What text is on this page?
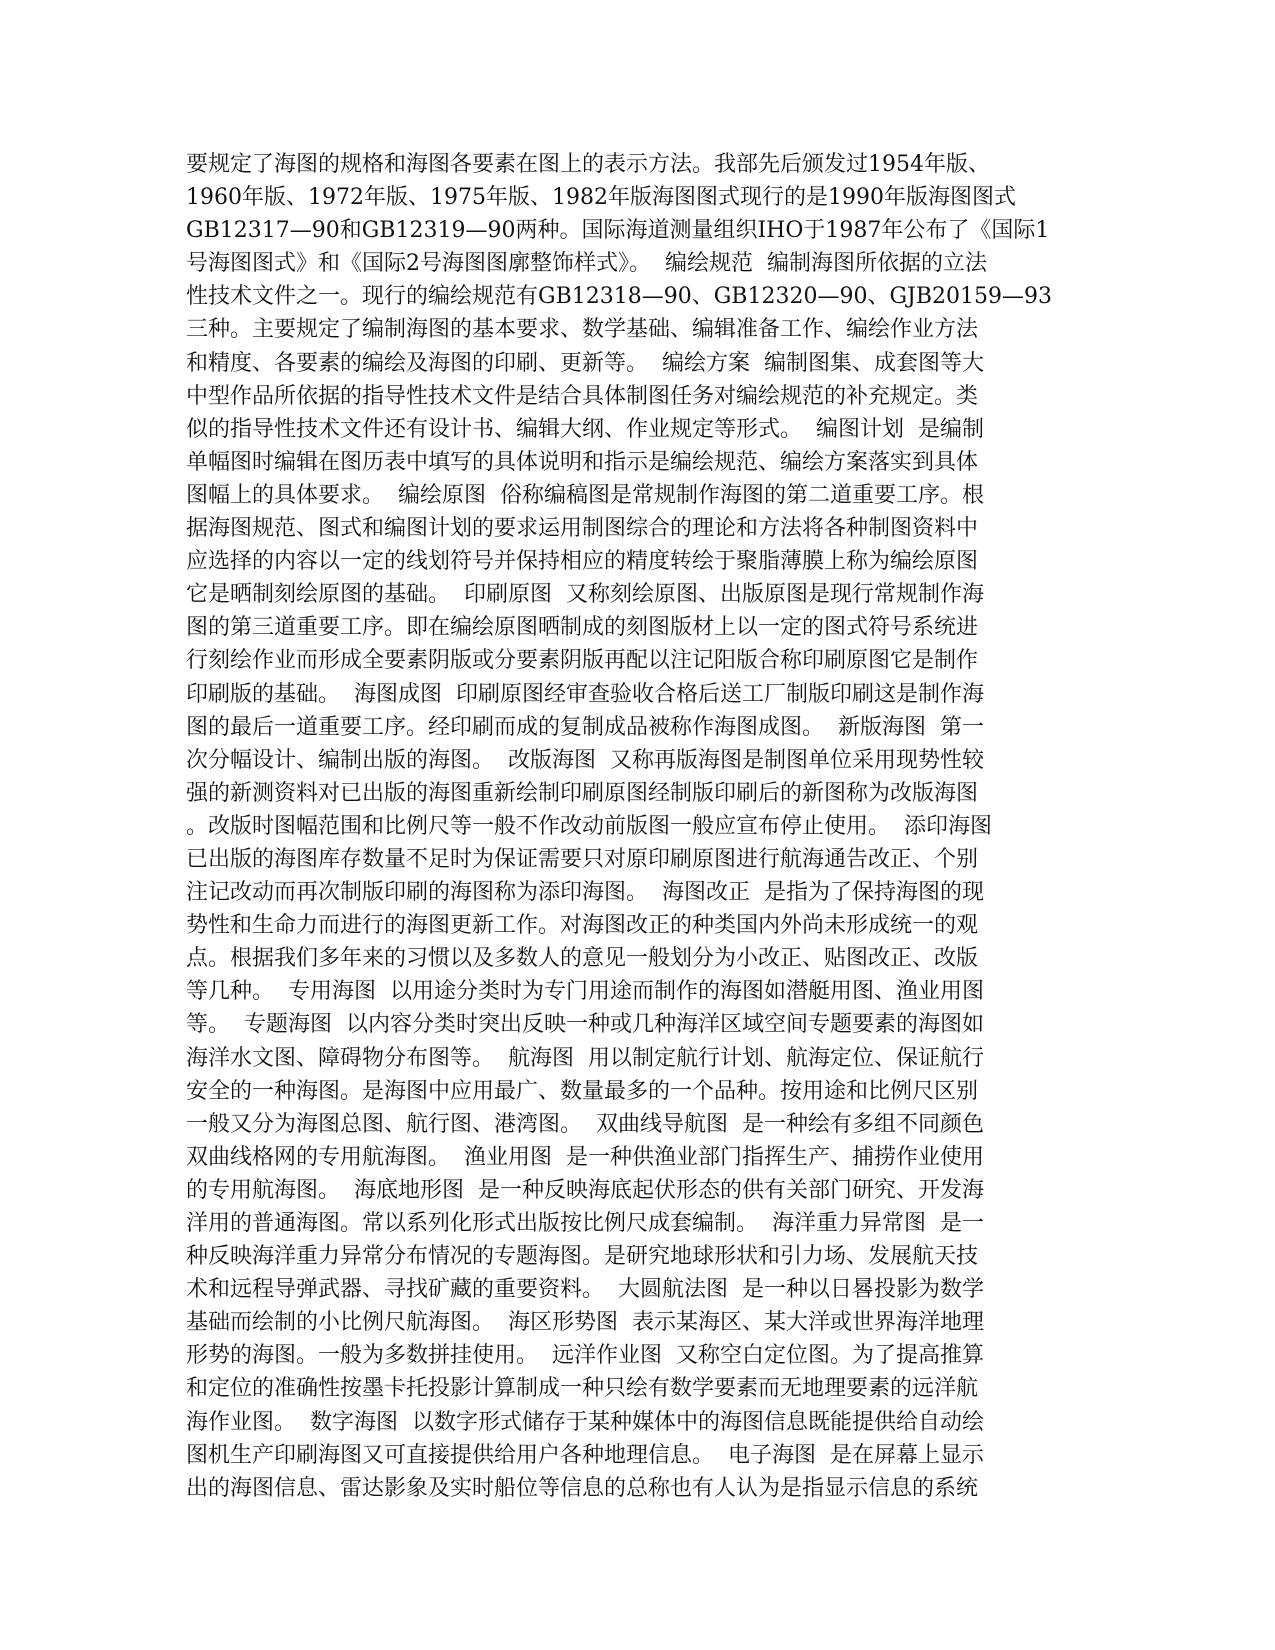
要规定了海图的规格和海图各要素在图上的表示方法。我部先后颁发过1954年版、
1960年版、1972年版、1975年版、1982年版海图图式现行的是1990年版海图图式
GB12317—90和GB12319—90两种。国际海道测量组织IHO于1987年公布了《国际1
号海图图式》和《国际2号海图图廓整饰样式》。  编绘规范  编制海图所依据的立法
性技术文件之一。现行的编绘规范有GB12318—90、GB12320—90、GJB20159—93
三种。主要规定了编制海图的基本要求、数学基础、编辑准备工作、编绘作业方法
和精度、各要素的编绘及海图的印刷、更新等。  编绘方案  编制图集、成套图等大
中型作品所依据的指导性技术文件是结合具体制图任务对编绘规范的补充规定。类
似的指导性技术文件还有设计书、编辑大纲、作业规定等形式。  编图计划  是编制
单幅图时编辑在图历表中填写的具体说明和指示是编绘规范、编绘方案落实到具体
图幅上的具体要求。  编绘原图  俗称编稿图是常规制作海图的第二道重要工序。根
据海图规范、图式和编图计划的要求运用制图综合的理论和方法将各种制图资料中
应选择的内容以一定的线划符号并保持相应的精度转绘于聚脂薄膜上称为编绘原图
它是晒制刻绘原图的基础。  印刷原图  又称刻绘原图、出版原图是现行常规制作海
图的第三道重要工序。即在编绘原图晒制成的刻图版材上以一定的图式符号系统进
行刻绘作业而形成全要素阴版或分要素阴版再配以注记阳版合称印刷原图它是制作
印刷版的基础。  海图成图  印刷原图经审查验收合格后送工厂制版印刷这是制作海
图的最后一道重要工序。经印刷而成的复制成品被称作海图成图。  新版海图  第一
次分幅设计、编制出版的海图。  改版海图  又称再版海图是制图单位采用现势性较
强的新测资料对已出版的海图重新绘制印刷原图经制版印刷后的新图称为改版海图
。改版时图幅范围和比例尺等一般不作改动前版图一般应宣布停止使用。  添印海图
已出版的海图库存数量不足时为保证需要只对原印刷原图进行航海通告改正、个别
注记改动而再次制版印刷的海图称为添印海图。  海图改正  是指为了保持海图的现
势性和生命力而进行的海图更新工作。对海图改正的种类国内外尚未形成统一的观
点。根据我们多年来的习惯以及多数人的意见一般划分为小改正、贴图改正、改版
等几种。  专用海图  以用途分类时为专门用途而制作的海图如潜艇用图、渔业用图
等。  专题海图  以内容分类时突出反映一种或几种海洋区域空间专题要素的海图如
海洋水文图、障碍物分布图等。  航海图  用以制定航行计划、航海定位、保证航行
安全的一种海图。是海图中应用最广、数量最多的一个品种。按用途和比例尺区别
一般又分为海图总图、航行图、港湾图。  双曲线导航图  是一种绘有多组不同颜色
双曲线格网的专用航海图。  渔业用图  是一种供渔业部门指挥生产、捕捞作业使用
的专用航海图。  海底地形图  是一种反映海底起伏形态的供有关部门研究、开发海
洋用的普通海图。常以系列化形式出版按比例尺成套编制。  海洋重力异常图  是一
种反映海洋重力异常分布情况的专题海图。是研究地球形状和引力场、发展航天技
术和远程导弹武器、寻找矿藏的重要资料。  大圆航法图  是一种以日晷投影为数学
基础而绘制的小比例尺航海图。  海区形势图  表示某海区、某大洋或世界海洋地理
形势的海图。一般为多数拼挂使用。  远洋作业图  又称空白定位图。为了提高推算
和定位的准确性按墨卡托投影计算制成一种只绘有数学要素而无地理要素的远洋航
海作业图。  数字海图  以数字形式储存于某种媒体中的海图信息既能提供给自动绘
图机生产印刷海图又可直接提供给用户各种地理信息。  电子海图  是在屏幕上显示
出的海图信息、雷达影象及实时船位等信息的总称也有人认为是指显示信息的系统
